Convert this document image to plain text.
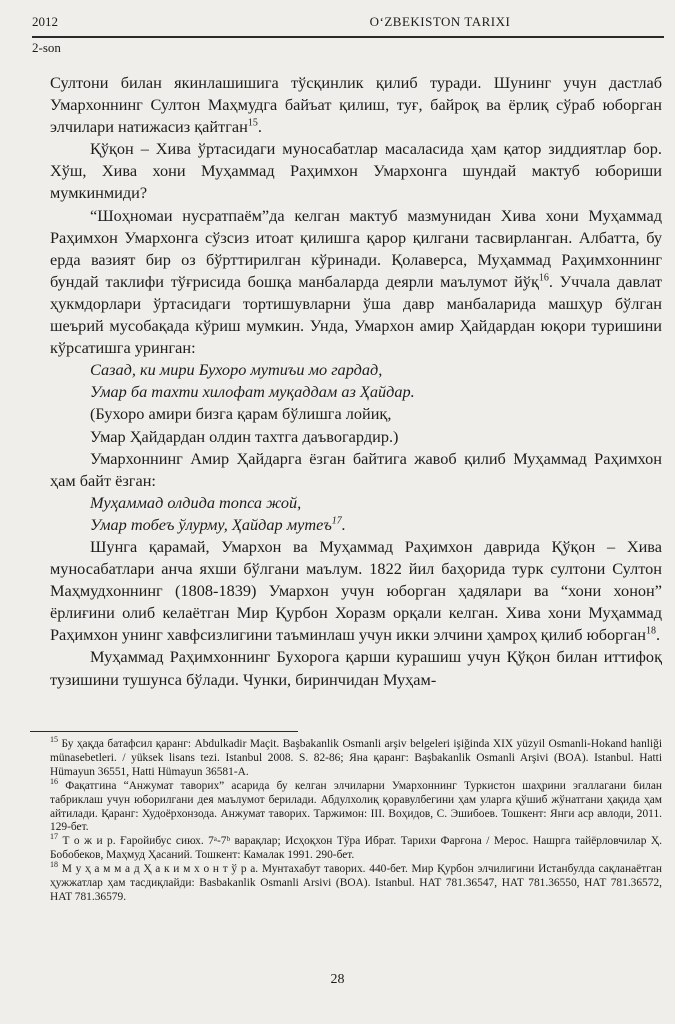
2012	O‘ZBEKISTON TARIXI
2-son

Султони билан якинлашишига тўсқинлик қилиб туради. Шунинг учун дастлаб Умархоннинг Султон Маҳмудга байъат қилиш, туғ, байроқ ва ёрлиқ сўраб юборган элчилари натижасиз қайтган$^{15}$.

Қўқон – Хива ўртасидаги муносабатлар масаласида ҳам қатор зиддиятлар бор. Хўш, Хива хони Муҳаммад Раҳимхон Умархонга шундай мактуб юбориши мумкинмиди?

“Шоҳномаи нусратпаём”да келган мактуб мазмунидан Хива хони Муҳаммад Раҳимхон Умархонга сўзсиз итоат қилишга қарор қилгани тасвирланган. Албатта, бу ерда вазият бир оз бўрттирилган кўринади. Қолаверса, Муҳаммад Раҳимхоннинг бундай таклифи тўғрисида бошқа манбаларда деярли маълумот йўқ$^{16}$. Уччала давлат ҳукмдорлари ўртасидаги тортишувларни ўша давр манбаларида машҳур бўлган шеърий мусобақада кўриш мумкин. Унда, Умархон амир Ҳайдардан юқори туришини кўрсатишга уринган:

Сазад, ки мири Бухоро мутиъи мо гардад,

Умар ба тахти хилофат муқаддам аз Ҳайдар.

(Бухоро амири бизга қарам бўлишга лойиқ,

Умар Ҳайдардан олдин тахтга даъвогардир.)

Умархоннинг Амир Ҳайдарга ёзган байтига жавоб қилиб Муҳаммад Раҳимхон ҳам байт ёзган:

Муҳаммад олдида топса жой,

Умар тобеъ ўлурму, Ҳайдар мутеъ$^{17}$.

Шунга қарамай, Умархон ва Муҳаммад Раҳимхон даврида Қўқон – Хива муносабатлари анча яхши бўлгани маълум. 1822 йил баҳорида турк султони Султон Маҳмудхоннинг (1808-1839) Умархон учун юборган ҳадялари ва “хони хонон” ёрлиғини олиб келаётган Мир Қурбон Хоразм орқали келган. Хива хони Муҳаммад Раҳимхон унинг хавфсизлигини таъминлаш учун икки элчини ҳамроҳ қилиб юборган$^{18}$.

Муҳаммад Раҳимхоннинг Бухорога қарши курашиш учун Қўқон билан иттифоқ тузишини тушунса бўлади. Чунки, биринчидан Муҳам-

$^{15}$ Бу ҳақда батафсил қаранг: Abdulkadir Maçit. Başbakanlik Osmanli arşiv belgeleri işiğinda XIX yüzyil Osmanli-Hokand hanliği münasebetleri. / yüksek lisans tezi. Istanbul 2008. S. 82-86; Яна қаранг: Başbakanlik Osmanli Arşivi (BOA). Istanbul. Hatti Hümayun 36551, Hatti Hümayun 36581-A.

$^{16}$ Фақатгина “Анжумат таворих” асарида бу келган элчиларни Умархоннинг Туркистон шаҳрини эгаллагани билан табриклаш учун юборилгани дея маълумот берилади. Абдулхолиқ қоравулбегини ҳам уларга қўшиб жўнатгани ҳақида ҳам айтилади. Қаранг: Худоёрхонзода. Анжумат таворих. Таржимон: III. Воҳидов, С. Эшибоев. Тошкент: Янги аср авлоди, 2011. 129-бет.

$^{17}$ Т о ж и р. Ғаройибус сиюх. 7ᵃ-7ᵇ варақлар; Исҳоқхон Тўра Ибрат. Тарихи Фарғона / Мерос. Нашрга тайёрловчилар Ҳ. Бобобеков, Маҳмуд Ҳасаний. Тошкент: Камалак 1991. 290-бет.

$^{18}$ М у ҳ а м м а д Ҳ а к и м х о н т ў р а. Мунтахабут таворих. 440-бет. Мир Қурбон элчилигини Истанбулда сақланаётган ҳужжатлар ҳам тасдиқлайди: Basbakanlik Osmanli Arsivi (BOA). Istanbul. HAT 781.36547, HAT 781.36550, HAT 781.36572, HAT 781.36579.

28
